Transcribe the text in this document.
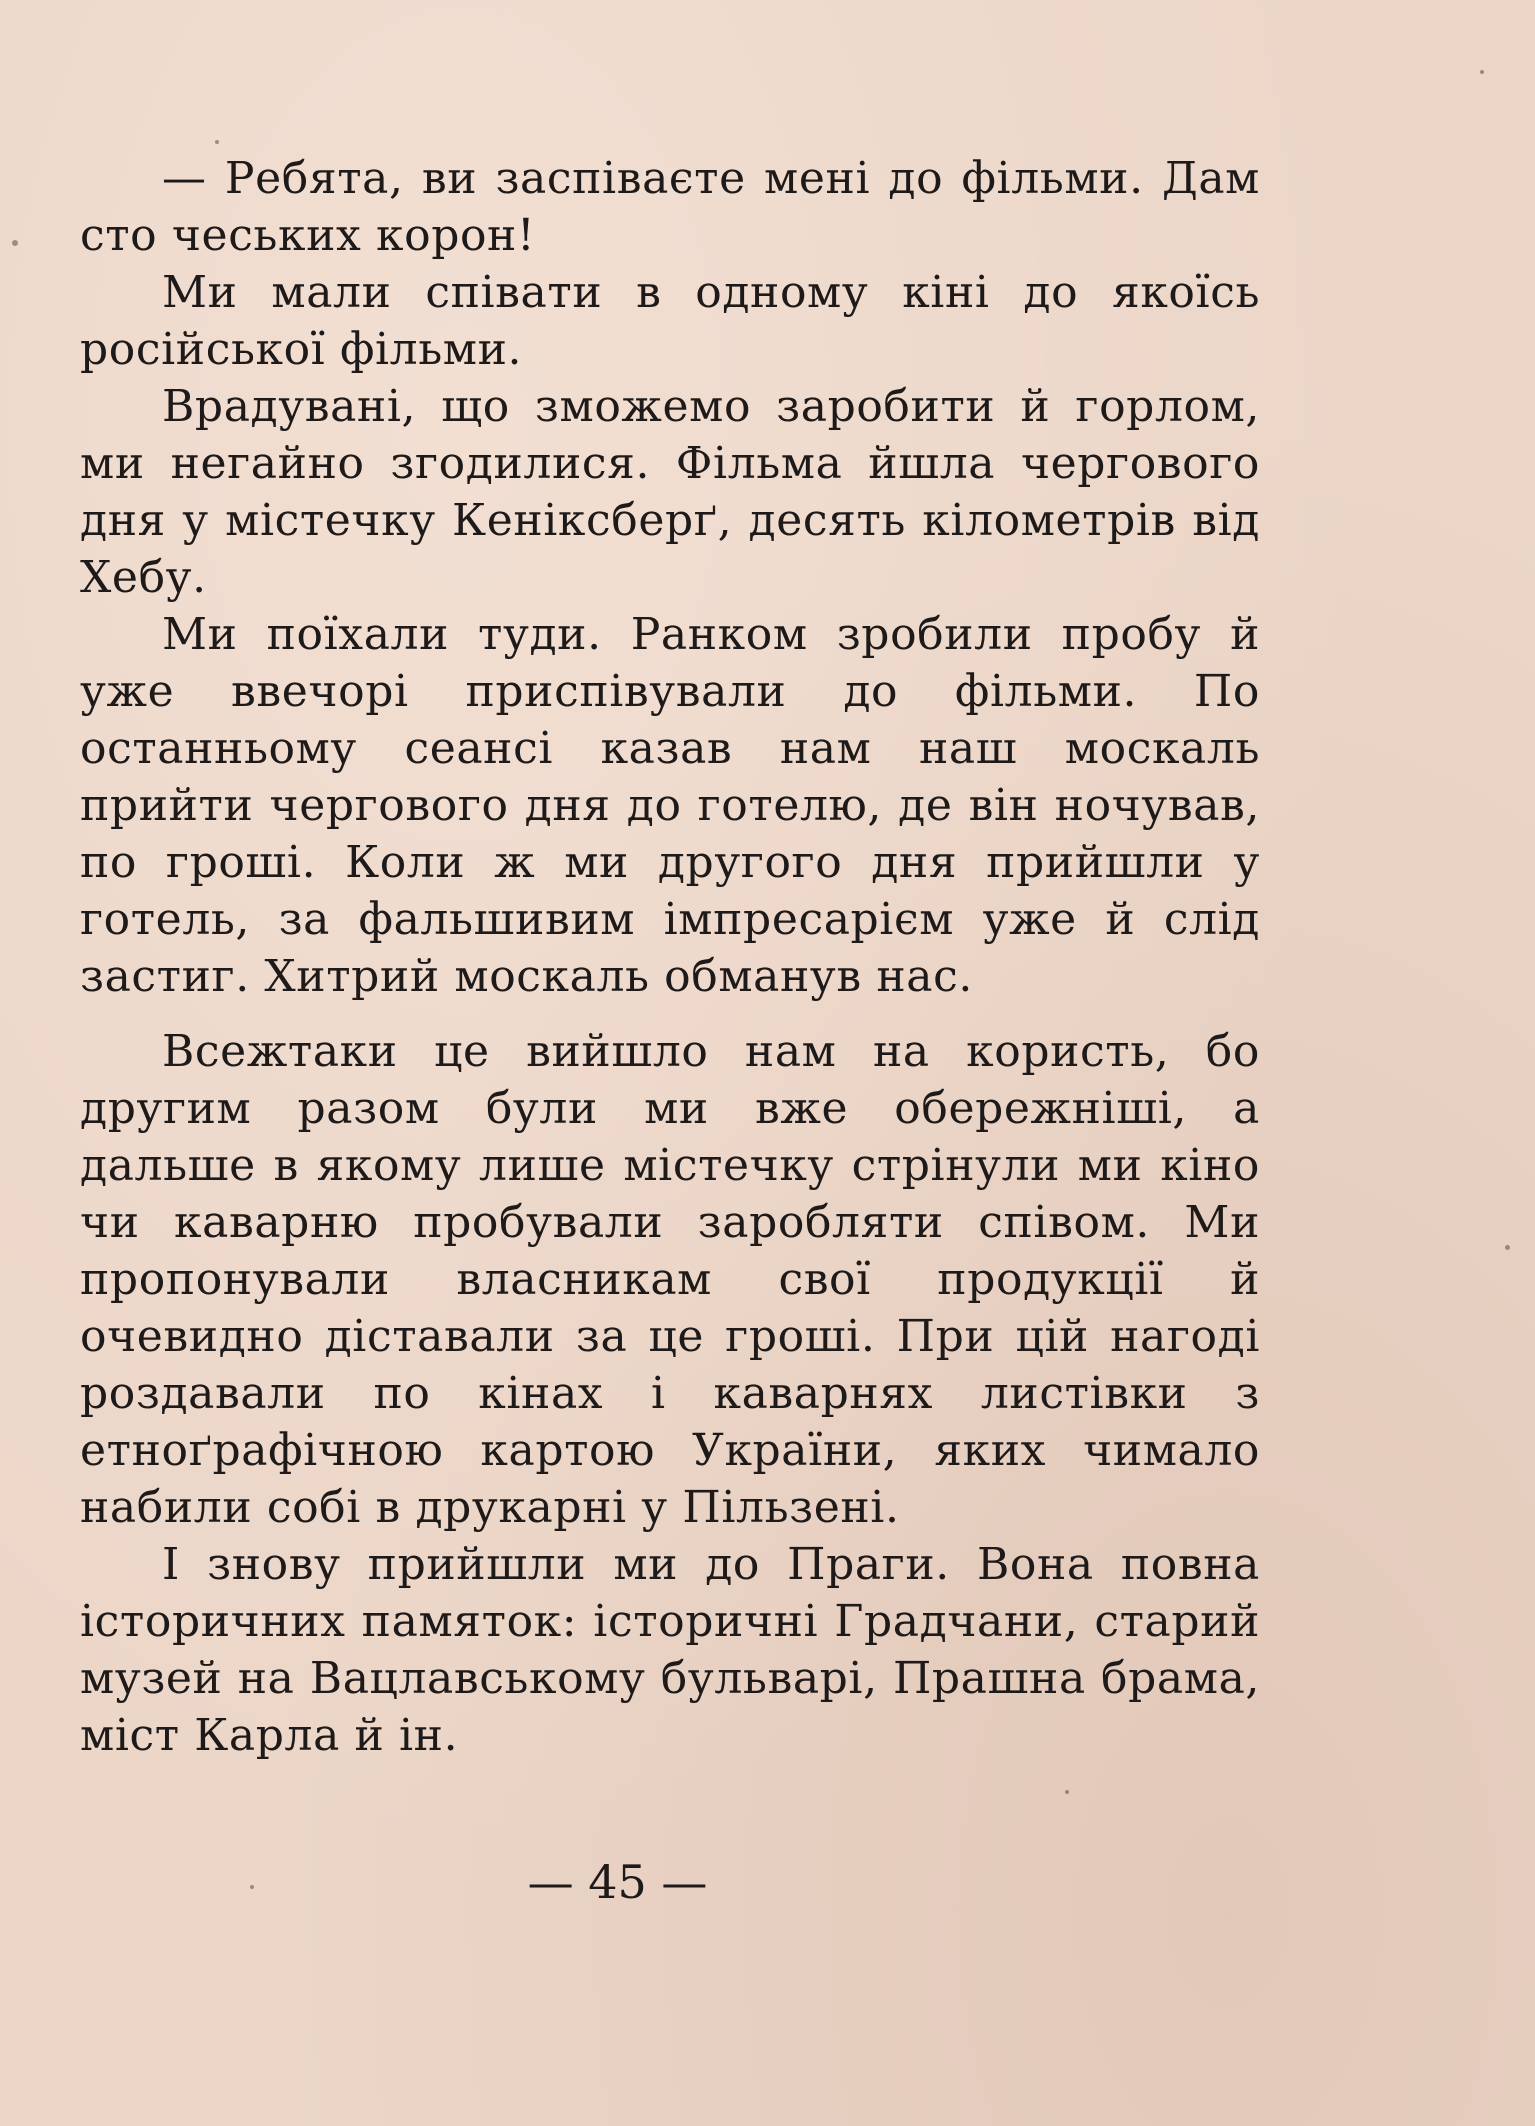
— Ребята, ви заспіваєте мені до фільми. Дам сто чеських корон!

Ми мали співати в одному кіні до якоїсь російської фільми.

Врадувані, що зможемо заробити й горлом, ми негайно згодилися. Фільма йшла чергового дня у містечку Кеніксберґ, десять кілометрів від Хебу.

Ми поїхали туди. Ранком зробили пробу й уже ввечорі приспівували до фільми. По останньому сеансі казав нам наш москаль прийти чергового дня до готелю, де він ночував, по гроші. Коли ж ми другого дня прийшли у готель, за фальшивим імпресарієм уже й слід застиг. Хитрий москаль обманув нас.

Всежтаки це вийшло нам на користь, бо другим разом були ми вже обережніші, а дальше в якому лише містечку стрінули ми кіно чи каварню пробували заробляти співом. Ми пропонували власникам свої продукції й очевидно діставали за це гроші. При цій нагоді роздавали по кінах і каварнях листівки з етноґрафічною картою України, яких чимало набили собі в друкарні у Пільзені.

І знову прийшли ми до Праги. Вона повна історичних памяток: історичні Градчани, старий музей на Вацлавському бульварі, Прашна брама, міст Карла й ін.

— 45 —
